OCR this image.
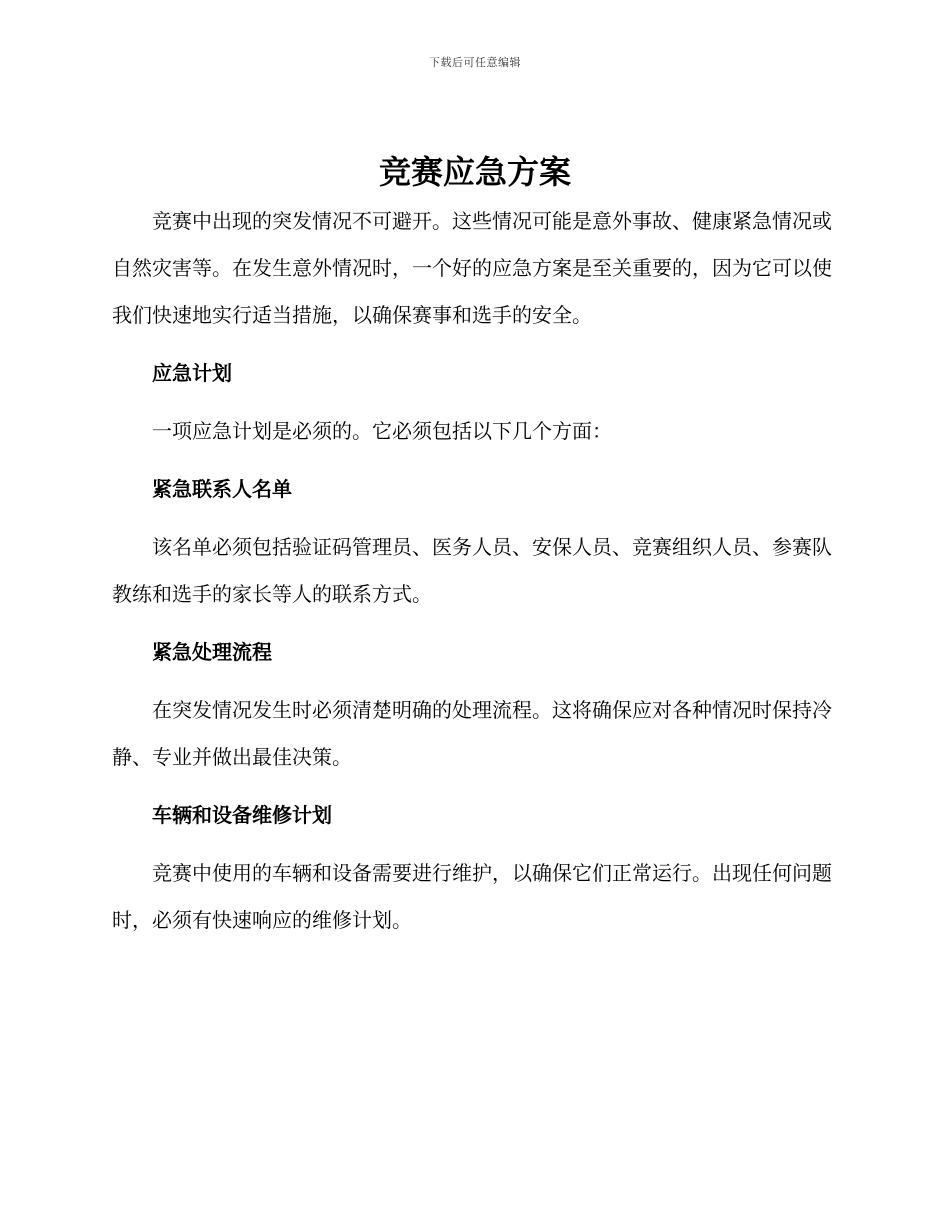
下载后可任意编辑
竞赛应急方案

竞赛中出现的突发情况不可避开。这些情况可能是意外事故、健康紧急情况或自然灾害等。在发生意外情况时，一个好的应急方案是至关重要的，因为它可以使我们快速地实行适当措施，以确保赛事和选手的安全。

应急计划

一项应急计划是必须的。它必须包括以下几个方面：

紧急联系人名单

该名单必须包括验证码管理员、医务人员、安保人员、竞赛组织人员、参赛队教练和选手的家长等人的联系方式。

紧急处理流程

在突发情况发生时必须清楚明确的处理流程。这将确保应对各种情况时保持冷静、专业并做出最佳决策。

车辆和设备维修计划

竞赛中使用的车辆和设备需要进行维护，以确保它们正常运行。出现任何问题时，必须有快速响应的维修计划。
